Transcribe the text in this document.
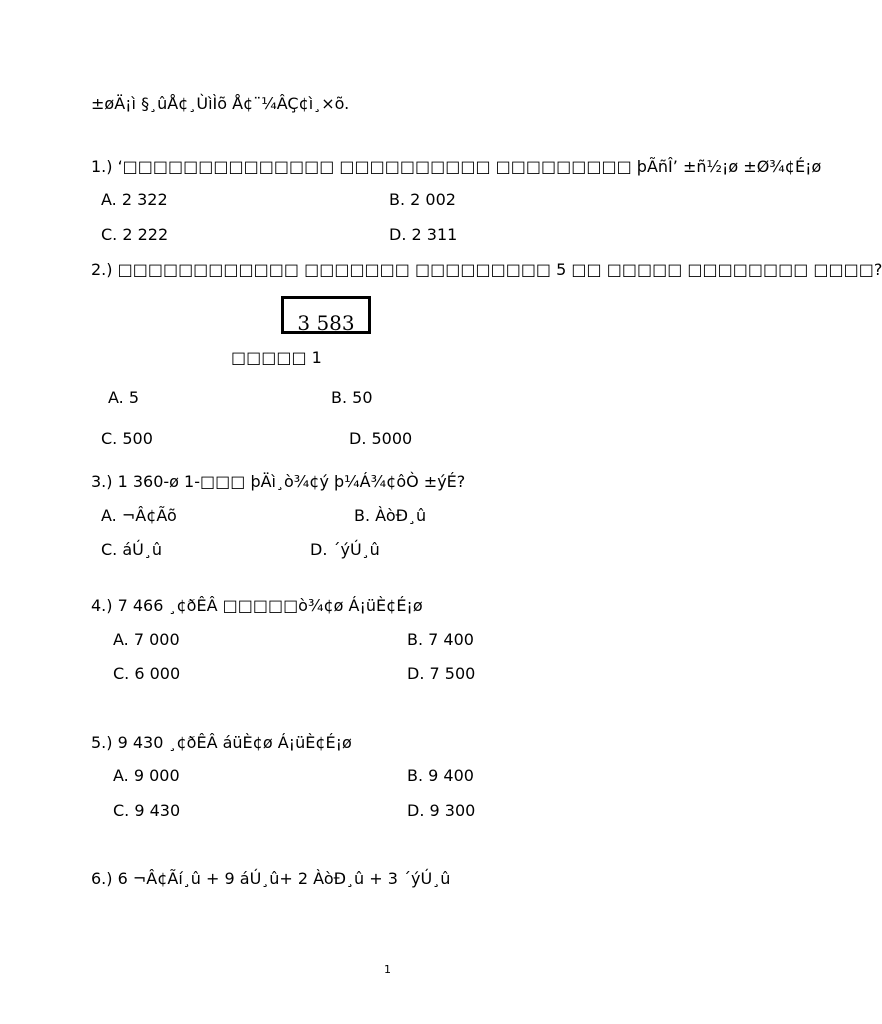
±øÄ¡ì §¸ûÅ¢¸ÙìÌõ Å¢¨¼ÂÇ¢ì¸×õ.
1.) ‘□□□□□□□□□□□□□□ □□□□□□□□□□ □□□□□□□□□ þÃñÎ’ ±ñ½¡ø ±Ø¾¢É¡ø
A. 2 322	B. 2 002
C. 2 222	D. 2 311
2.) □□□□□□□□□□□□ □□□□□□□ □□□□□□□□□ 5 □□ □□□□□ □□□□□□□□ □□□□?
3 583
□□□□□ 1
A. 5	B. 50
C. 500	D. 5000
3.) 1 360-ø 1-□□□ þÄì¸ò¾¢ý þ¼Á¾¢ôÒ ±ýÉ?
A. ¬Â¢Ãõ	B. ÀòÐ¸û
C. áÚ¸û	D. ´ýÚ¸û
4.) 7 466 ¸¢ðÊÂ □□□□□ò¾¢ø Á¡üÈ¢É¡ø
A. 7 000	B. 7 400
C. 6 000	D. 7 500
5.) 9 430 ¸¢ðÊÂ áüÈ¢ø Á¡üÈ¢É¡ø
A. 9 000	B. 9 400
C. 9 430	D. 9 300
6.) 6 ¬Â¢Ãí¸û + 9 áÚ¸û+ 2 ÀòÐ¸û + 3 ´ýÚ¸û
1
